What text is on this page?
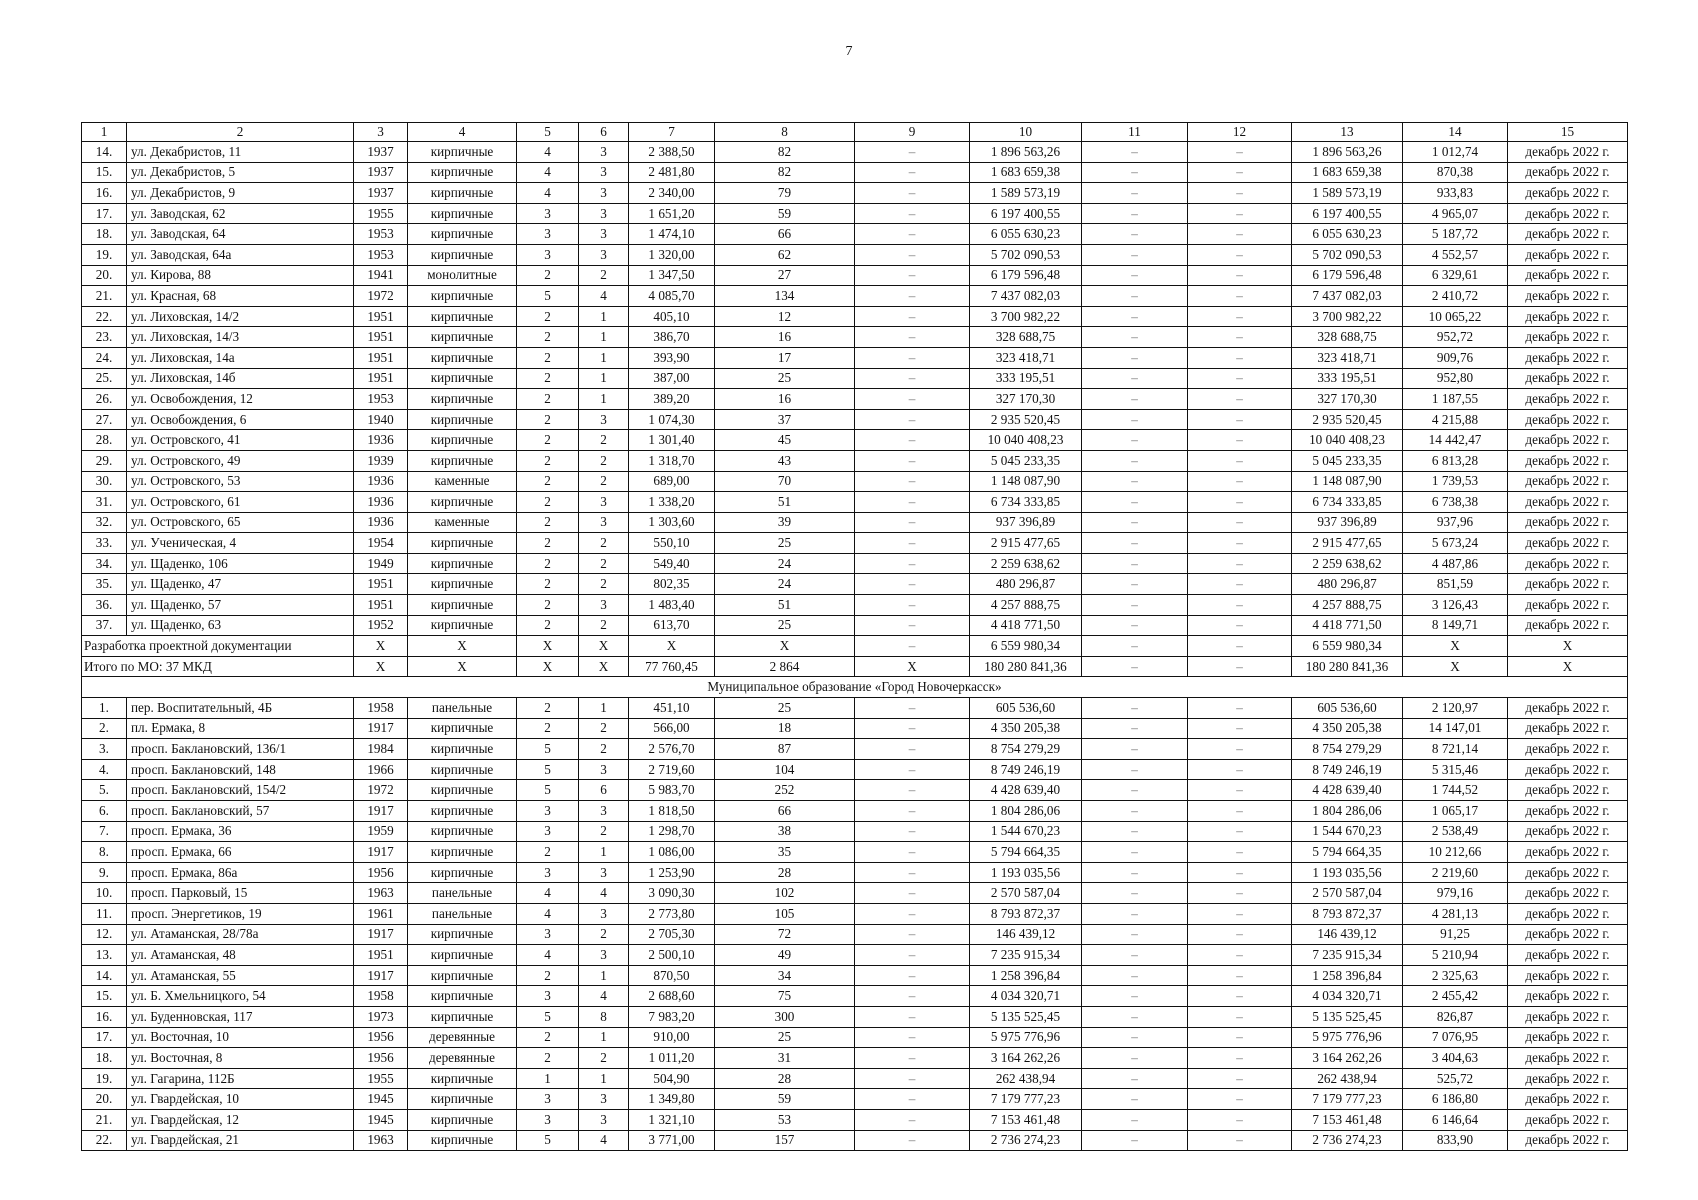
7
1	2	3	4	5	6	7	8	9	10	11	12	13	14	15
14.	ул. Декабристов, 11	1937	кирпичные	4	3	2 388,50	82	–	1 896 563,26	–	–	1 896 563,26	1 012,74	декабрь 2022 г.
15.	ул. Декабристов, 5	1937	кирпичные	4	3	2 481,80	82	–	1 683 659,38	–	–	1 683 659,38	870,38	декабрь 2022 г.
16.	ул. Декабристов, 9	1937	кирпичные	4	3	2 340,00	79	–	1 589 573,19	–	–	1 589 573,19	933,83	декабрь 2022 г.
17.	ул. Заводская, 62	1955	кирпичные	3	3	1 651,20	59	–	6 197 400,55	–	–	6 197 400,55	4 965,07	декабрь 2022 г.
18.	ул. Заводская, 64	1953	кирпичные	3	3	1 474,10	66	–	6 055 630,23	–	–	6 055 630,23	5 187,72	декабрь 2022 г.
19.	ул. Заводская, 64а	1953	кирпичные	3	3	1 320,00	62	–	5 702 090,53	–	–	5 702 090,53	4 552,57	декабрь 2022 г.
20.	ул. Кирова, 88	1941	монолитные	2	2	1 347,50	27	–	6 179 596,48	–	–	6 179 596,48	6 329,61	декабрь 2022 г.
21.	ул. Красная, 68	1972	кирпичные	5	4	4 085,70	134	–	7 437 082,03	–	–	7 437 082,03	2 410,72	декабрь 2022 г.
22.	ул. Лиховская, 14/2	1951	кирпичные	2	1	405,10	12	–	3 700 982,22	–	–	3 700 982,22	10 065,22	декабрь 2022 г.
23.	ул. Лиховская, 14/3	1951	кирпичные	2	1	386,70	16	–	328 688,75	–	–	328 688,75	952,72	декабрь 2022 г.
24.	ул. Лиховская, 14а	1951	кирпичные	2	1	393,90	17	–	323 418,71	–	–	323 418,71	909,76	декабрь 2022 г.
25.	ул. Лиховская, 14б	1951	кирпичные	2	1	387,00	25	–	333 195,51	–	–	333 195,51	952,80	декабрь 2022 г.
26.	ул. Освобождения, 12	1953	кирпичные	2	1	389,20	16	–	327 170,30	–	–	327 170,30	1 187,55	декабрь 2022 г.
27.	ул. Освобождения, 6	1940	кирпичные	2	3	1 074,30	37	–	2 935 520,45	–	–	2 935 520,45	4 215,88	декабрь 2022 г.
28.	ул. Островского, 41	1936	кирпичные	2	2	1 301,40	45	–	10 040 408,23	–	–	10 040 408,23	14 442,47	декабрь 2022 г.
29.	ул. Островского, 49	1939	кирпичные	2	2	1 318,70	43	–	5 045 233,35	–	–	5 045 233,35	6 813,28	декабрь 2022 г.
30.	ул. Островского, 53	1936	каменные	2	2	689,00	70	–	1 148 087,90	–	–	1 148 087,90	1 739,53	декабрь 2022 г.
31.	ул. Островского, 61	1936	кирпичные	2	3	1 338,20	51	–	6 734 333,85	–	–	6 734 333,85	6 738,38	декабрь 2022 г.
32.	ул. Островского, 65	1936	каменные	2	3	1 303,60	39	–	937 396,89	–	–	937 396,89	937,96	декабрь 2022 г.
33.	ул. Ученическая, 4	1954	кирпичные	2	2	550,10	25	–	2 915 477,65	–	–	2 915 477,65	5 673,24	декабрь 2022 г.
34.	ул. Щаденко, 106	1949	кирпичные	2	2	549,40	24	–	2 259 638,62	–	–	2 259 638,62	4 487,86	декабрь 2022 г.
35.	ул. Щаденко, 47	1951	кирпичные	2	2	802,35	24	–	480 296,87	–	–	480 296,87	851,59	декабрь 2022 г.
36.	ул. Щаденко, 57	1951	кирпичные	2	3	1 483,40	51	–	4 257 888,75	–	–	4 257 888,75	3 126,43	декабрь 2022 г.
37.	ул. Щаденко, 63	1952	кирпичные	2	2	613,70	25	–	4 418 771,50	–	–	4 418 771,50	8 149,71	декабрь 2022 г.
Разработка проектной документации		X	X	X	X	X	X	–	6 559 980,34	–	–	6 559 980,34	X	X
Итого по МО: 37 МКД		X	X	X	X	77 760,45	2 864	X	180 280 841,36	–	–	180 280 841,36	X	X
Муниципальное образование «Город Новочеркасск»														
1.	пер. Воспитательный, 4Б	1958	панельные	2	1	451,10	25	–	605 536,60	–	–	605 536,60	2 120,97	декабрь 2022 г.
2.	пл. Ермака, 8	1917	кирпичные	2	2	566,00	18	–	4 350 205,38	–	–	4 350 205,38	14 147,01	декабрь 2022 г.
3.	просп. Баклановский, 136/1	1984	кирпичные	5	2	2 576,70	87	–	8 754 279,29	–	–	8 754 279,29	8 721,14	декабрь 2022 г.
4.	просп. Баклановский, 148	1966	кирпичные	5	3	2 719,60	104	–	8 749 246,19	–	–	8 749 246,19	5 315,46	декабрь 2022 г.
5.	просп. Баклановский, 154/2	1972	кирпичные	5	6	5 983,70	252	–	4 428 639,40	–	–	4 428 639,40	1 744,52	декабрь 2022 г.
6.	просп. Баклановский, 57	1917	кирпичные	3	3	1 818,50	66	–	1 804 286,06	–	–	1 804 286,06	1 065,17	декабрь 2022 г.
7.	просп. Ермака, 36	1959	кирпичные	3	2	1 298,70	38	–	1 544 670,23	–	–	1 544 670,23	2 538,49	декабрь 2022 г.
8.	просп. Ермака, 66	1917	кирпичные	2	1	1 086,00	35	–	5 794 664,35	–	–	5 794 664,35	10 212,66	декабрь 2022 г.
9.	просп. Ермака, 86а	1956	кирпичные	3	3	1 253,90	28	–	1 193 035,56	–	–	1 193 035,56	2 219,60	декабрь 2022 г.
10.	просп. Парковый, 15	1963	панельные	4	4	3 090,30	102	–	2 570 587,04	–	–	2 570 587,04	979,16	декабрь 2022 г.
11.	просп. Энергетиков, 19	1961	панельные	4	3	2 773,80	105	–	8 793 872,37	–	–	8 793 872,37	4 281,13	декабрь 2022 г.
12.	ул. Атаманская, 28/78а	1917	кирпичные	3	2	2 705,30	72	–	146 439,12	–	–	146 439,12	91,25	декабрь 2022 г.
13.	ул. Атаманская, 48	1951	кирпичные	4	3	2 500,10	49	–	7 235 915,34	–	–	7 235 915,34	5 210,94	декабрь 2022 г.
14.	ул. Атаманская, 55	1917	кирпичные	2	1	870,50	34	–	1 258 396,84	–	–	1 258 396,84	2 325,63	декабрь 2022 г.
15.	ул. Б. Хмельницкого, 54	1958	кирпичные	3	4	2 688,60	75	–	4 034 320,71	–	–	4 034 320,71	2 455,42	декабрь 2022 г.
16.	ул. Буденновская, 117	1973	кирпичные	5	8	7 983,20	300	–	5 135 525,45	–	–	5 135 525,45	826,87	декабрь 2022 г.
17.	ул. Восточная, 10	1956	деревянные	2	1	910,00	25	–	5 975 776,96	–	–	5 975 776,96	7 076,95	декабрь 2022 г.
18.	ул. Восточная, 8	1956	деревянные	2	2	1 011,20	31	–	3 164 262,26	–	–	3 164 262,26	3 404,63	декабрь 2022 г.
19.	ул. Гагарина, 112Б	1955	кирпичные	1	1	504,90	28	–	262 438,94	–	–	262 438,94	525,72	декабрь 2022 г.
20.	ул. Гвардейская, 10	1945	кирпичные	3	3	1 349,80	59	–	7 179 777,23	–	–	7 179 777,23	6 186,80	декабрь 2022 г.
21.	ул. Гвардейская, 12	1945	кирпичные	3	3	1 321,10	53	–	7 153 461,48	–	–	7 153 461,48	6 146,64	декабрь 2022 г.
22.	ул. Гвардейская, 21	1963	кирпичные	5	4	3 771,00	157	–	2 736 274,23	–	–	2 736 274,23	833,90	декабрь 2022 г.
